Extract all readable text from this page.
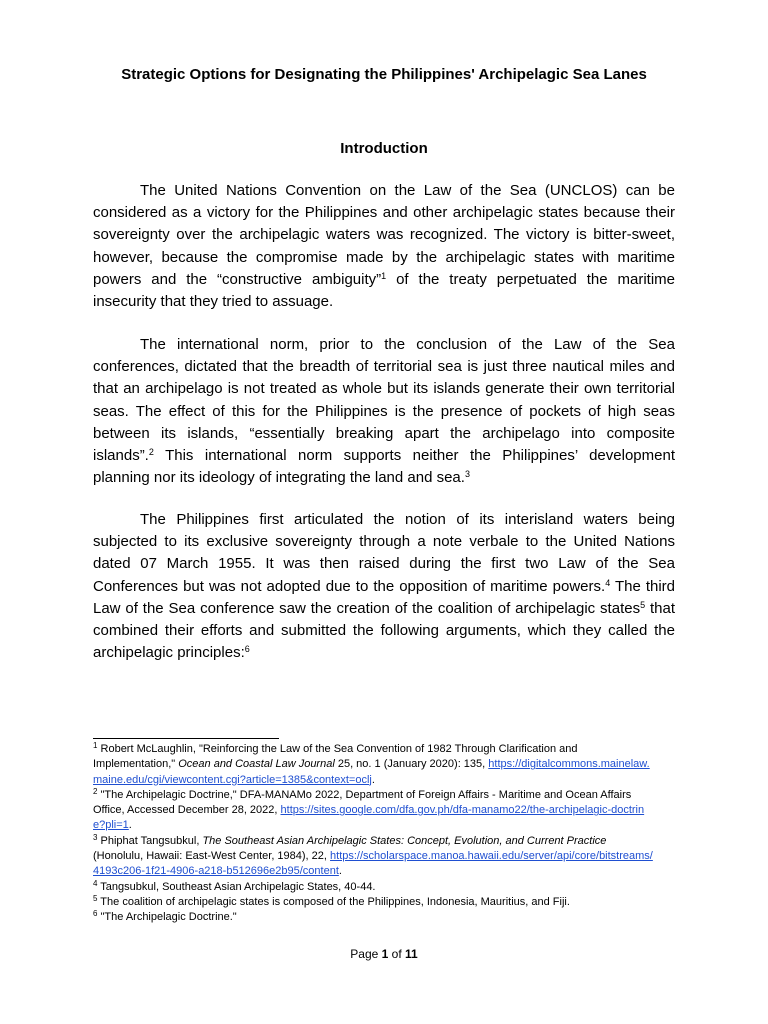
Strategic Options for Designating the Philippines' Archipelagic Sea Lanes
Introduction

The United Nations Convention on the Law of the Sea (UNCLOS) can be considered as a victory for the Philippines and other archipelagic states because their sovereignty over the archipelagic waters was recognized. The victory is bitter-sweet, however, because the compromise made by the archipelagic states with maritime powers and the “constructive ambiguity”$^1$ of the treaty perpetuated the maritime insecurity that they tried to assuage.

The international norm, prior to the conclusion of the Law of the Sea conferences, dictated that the breadth of territorial sea is just three nautical miles and that an archipelago is not treated as whole but its islands generate their own territorial seas. The effect of this for the Philippines is the presence of pockets of high seas between its islands, “essentially breaking apart the archipelago into composite islands”.$^2$ This international norm supports neither the Philippines’ development planning nor its ideology of integrating the land and sea.$^3$

The Philippines first articulated the notion of its interisland waters being subjected to its exclusive sovereignty through a note verbale to the United Nations dated 07 March 1955. It was then raised during the first two Law of the Sea Conferences but was not adopted due to the opposition of maritime powers.$^4$ The third Law of the Sea conference saw the creation of the coalition of archipelagic states$^5$ that combined their efforts and submitted the following arguments, which they called the archipelagic principles:$^6$

$^1$ Robert McLaughlin, "Reinforcing the Law of the Sea Convention of 1982 Through Clarification and Implementation," Ocean and Coastal Law Journal 25, no. 1 (January 2020): 135, https://digitalcommons.mainelaw.maine.edu/cgi/viewcontent.cgi?article=1385&context=oclj.

$^2$ "The Archipelagic Doctrine," DFA-MANAMo 2022, Department of Foreign Affairs - Maritime and Ocean Affairs Office, Accessed December 28, 2022, https://sites.google.com/dfa.gov.ph/dfa-manamo22/the-archipelagic-doctrine?pli=1.

$^3$ Phiphat Tangsubkul, The Southeast Asian Archipelagic States: Concept, Evolution, and Current Practice (Honolulu, Hawaii: East-West Center, 1984), 22, https://scholarspace.manoa.hawaii.edu/server/api/core/bitstreams/4193c206-1f21-4906-a218-b512696e2b95/content.

$^4$ Tangsubkul, Southeast Asian Archipelagic States, 40-44.

$^5$ The coalition of archipelagic states is composed of the Philippines, Indonesia, Mauritius, and Fiji.

$^6$ "The Archipelagic Doctrine."

Page 1 of 11
